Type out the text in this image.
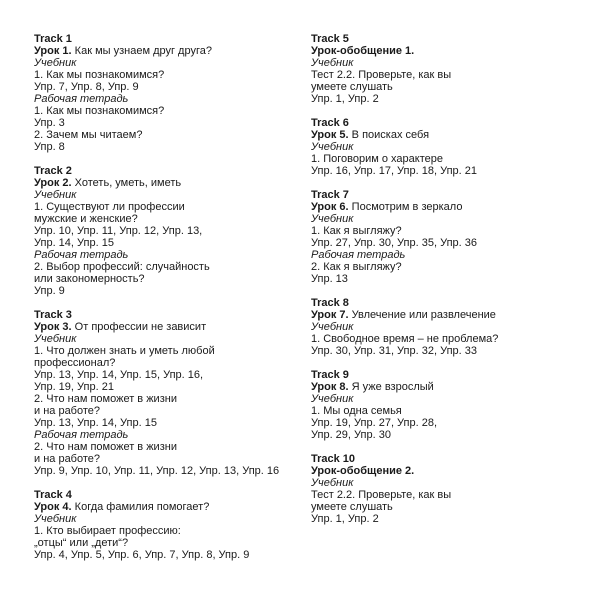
Track 1
Урок 1. Как мы узнаем друг друга?
Учебник
1. Как мы познакомимся?
Упр. 7, Упр. 8, Упр. 9
Рабочая тетрадь
1. Как мы познакомимся?
Упр. 3
2. Зачем мы читаем?
Упр. 8
Track 2
Урок 2. Хотеть, уметь, иметь
Учебник
1. Существуют ли профессии
мужские и женские?
Упр. 10, Упр. 11, Упр. 12, Упр. 13,
Упр. 14, Упр. 15
Рабочая тетрадь
2. Выбор профессий: случайность
или закономерность?
Упр. 9
Track 3
Урок 3. От профессии не зависит
Учебник
1. Что должен знать и уметь любой
профессионал?
Упр. 13, Упр. 14, Упр. 15, Упр. 16,
Упр. 19, Упр. 21
2. Что нам поможет в жизни
и на работе?
Упр. 13, Упр. 14, Упр. 15
Рабочая тетрадь
2. Что нам поможет в жизни
и на работе?
Упр. 9, Упр. 10, Упр. 11, Упр. 12, Упр. 13, Упр. 16
Track 4
Урок 4. Когда фамилия помогает?
Учебник
1. Кто выбирает профессию:
„отцы“ или „дети“?
Упр. 4, Упр. 5, Упр. 6, Упр. 7, Упр. 8, Упр. 9
Track 5
Урок-обобщение 1.
Учебник
Тест 2.2. Проверьте, как вы
умеете слушать
Упр. 1, Упр. 2
Track 6
Урок 5. В поисках себя
Учебник
1. Поговорим о характере
Упр. 16, Упр. 17, Упр. 18, Упр. 21
Track 7
Урок 6. Посмотрим в зеркало
Учебник
1. Как я выгляжу?
Упр. 27, Упр. 30, Упр. 35, Упр. 36
Рабочая тетрадь
2. Как я выгляжу?
Упр. 13
Track 8
Урок 7. Увлечение или развлечение
Учебник
1. Свободное время – не проблема?
Упр. 30, Упр. 31, Упр. 32, Упр. 33
Track 9
Урок 8. Я уже взрослый
Учебник
1. Мы одна семья
Упр. 19, Упр. 27, Упр. 28,
Упр. 29, Упр. 30
Track 10
Урок-обобщение 2.
Учебник
Тест 2.2. Проверьте, как вы
умеете слушать
Упр. 1, Упр. 2
